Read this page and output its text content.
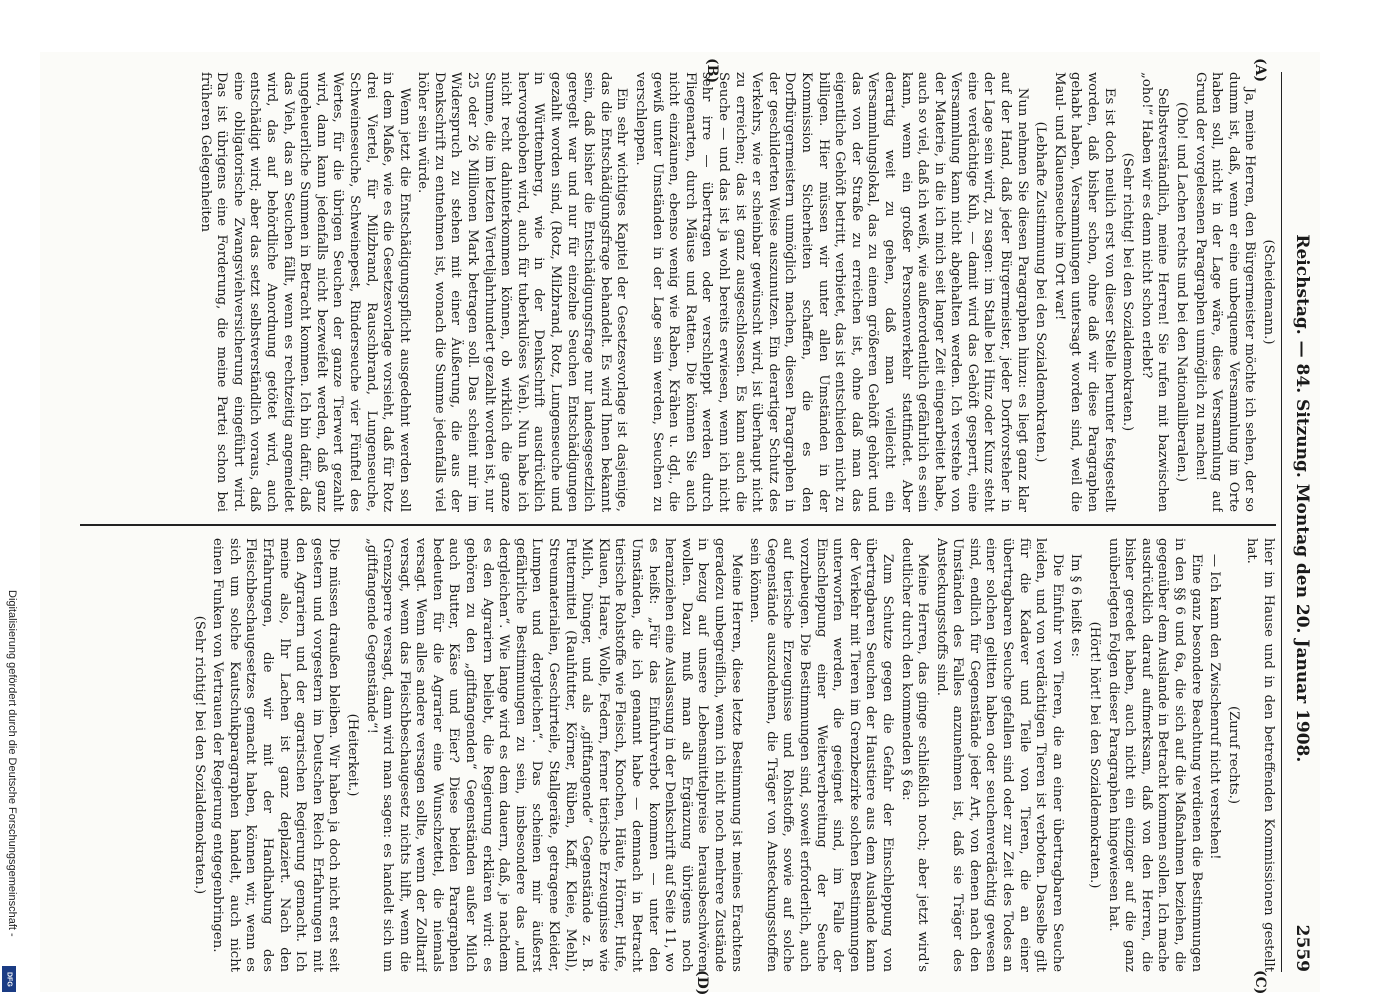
Reichstag. — 84. Sitzung. Montag den 20. Januar 1908.
2559
(A)
(B)
(C)
(D)

(Scheidemann.)

Ja, meine Herren, den Bürgermeister möchte ich sehen, der so dumm ist, daß, wenn er eine unbequeme Versammlung im Orte haben soll, nicht in der Lage wäre, diese Versammlung auf Grund der vorgelesenen Paragraphen unmöglich zu machen!

(Oho! und Lachen rechts und bei den Nationalliberalen.)

Selbstverständlich, meine Herren! Sie rufen mit bazwischen „oho!“ Haben wir es denn nicht schon erlebt?

(Sehr richtig! bei den Sozialdemokraten.)

Es ist doch neulich erst von dieser Stelle herunter festgestellt worden, daß bisher schon, ohne daß wir diese Paragraphen gehabt haben, Versammlungen untersagt worden sind, weil die Maul- und Klauenseuche im Ort war!

(Lebhafte Zustimmung bei den Sozialdemokraten.)

Nun nehmen Sie diesen Paragraphen hinzu: es liegt ganz klar auf der Hand, daß jeder Bürgermeister, jeder Dorfvorsteher in der Lage sein wird, zu sagen: im Stalle bei Hinz oder Kunz steht eine verdächtige Kuh, — damit wird das Gehöft gesperrt, eine Versammlung kann nicht abgehalten werden. Ich verstehe von der Materie, in die ich mich seit langer Zeit eingearbeitet habe, auch so viel, daß ich weiß, wie außerordentlich gefährlich es sein kann, wenn ein großer Personenverkehr stattfindet. Aber derartig weit zu gehen, daß man vielleicht ein Versammlungslokal, das zu einem größeren Gehöft gehört und das von der Straße zu erreichen ist, ohne daß man das eigentliche Gehöft betritt, verbietet, das ist entschieden nicht zu billigen. Hier müssen wir unter allen Umständen in der Kommission Sicherheiten schaffen, die es den Dorfbürgermeistern unmöglich machen, diesen Paragraphen in der geschilderten Weise auszunutzen. Ein derartiger Schutz des Verkehrs, wie er scheinbar gewünscht wird, ist überhaupt nicht zu erreichen; das ist ganz ausgeschlossen. Es kann auch die Seuche — und das ist ja wohl bereits erwiesen, wenn ich nicht sehr irre — übertragen oder verschleppt werden durch Fliegenarten, durch Mäuse und Ratten. Die können Sie auch nicht einzäunen, ebenso wenig wie Raben, Krähen u. dgl., die gewiß unter Umständen in der Lage sein werden, Seuchen zu verschleppen.

Ein sehr wichtiges Kapitel der Gesetzesvorlage ist dasjenige, das die Entschädigungsfrage behandelt. Es wird Ihnen bekannt sein, daß bisher die Entschädigungsfrage nur landesgesetzlich geregelt war und nur für einzelne Seuchen Entschädigungen gezahlt worden sind, (Rotz, Milzbrand, Rotz, Lungenseuche und in Württemberg, wie in der Denkschrift ausdrücklich hervorgehoben wird, auch für tuberkulöses Vieh). Nun habe ich nicht recht dahinterkommen können, ob wirklich die ganze Summe, die im letzten Vierteljahrhundert gezahlt worden ist, nur 25 oder 26 Millionen Mark betragen soll. Das scheint mir im Widerspruch zu stehen mit einer Äußerung, die aus der Denkschrift zu entnehmen ist, wonach die Summe jedenfalls viel höher sein würde.

Wenn jetzt die Entschädigungspflicht ausgedehnt werden soll in dem Maße, wie es die Gesetzesvorlage vorsieht, daß für Rotz drei Viertel, für Milzbrand, Rauschbrand, Lungenseuche, Schweineseuche, Schweinepest, Rinderseuche vier Fünftel des Wertes, für die übrigen Seuchen der ganze Tierwert gezahlt wird, dann kann jedenfalls nicht bezweifelt werden, daß ganz ungeheuerliche Summen in Betracht kommen. Ich bin dafür, daß das Vieh, das an Seuchen fällt, wenn es rechtzeitig angemeldet wird, das auf behördliche Anordnung getötet wird, auch entschädigt wird; aber das setzt selbstverständlich voraus, daß eine obligatorische Zwangsviehversicherung eingeführt wird. Das ist übrigens eine Forderung, die meine Partei schon bei früheren Gelegenheiten

hier im Hause und in den betreffenden Kommissionen gestellt hat.

(Zuruf rechts.)

— Ich kann den Zwischenruf nicht verstehen!

Eine ganz besondere Beachtung verdienen die Bestimmungen in den §§ 6 und 6a, die sich auf die Maßnahmen beziehen, die gegenüber dem Auslande in Betracht kommen sollen. Ich mache ausdrücklich darauf aufmerksam, daß von den Herren, die bisher geredet haben, auch nicht ein einziger auf die ganz unüberlegten Folgen dieser Paragraphen hingewiesen hat.

(Hört! hört! bei den Sozialdemokraten.)

Im § 6 heißt es:

Die Einfuhr von Tieren, die an einer übertragbaren Seuche leiden, und von verdächtigen Tieren ist verboten. Dasselbe gilt für die Kadaver und Teile von Tieren, die an einer übertragbaren Seuche gefallen sind oder zur Zeit des Todes an einer solchen gelitten haben oder seuchenverdächtig gewesen sind, endlich für Gegenstände jeder Art, von denen nach den Umständen des Falles anzunehmen ist, daß sie Träger des Ansteckungsstoffs sind.

Meine Herren, das ginge schließlich noch; aber jetzt wird's deutlicher durch den kommenden § 6a:

Zum Schutze gegen die Gefahr der Einschleppung von übertragbaren Seuchen der Haustiere aus dem Auslande kann der Verkehr mit Tieren im Grenzbezirke solchen Bestimmungen unterworfen werden, die geeignet sind, im Falle der Einschleppung einer Weiterverbreitung der Seuche vorzubeugen. Die Bestimmungen sind, soweit erforderlich, auch auf tierische Erzeugnisse und Rohstoffe, sowie auf solche Gegenstände auszudehnen, die Träger von Ansteckungsstoffen sein können.

Meine Herren, diese letzte Bestimmung ist meines Erachtens geradezu unbegreiflich, wenn ich nicht noch mehrere Zustände in bezug auf unsere Lebensmittelpreise herausbeschwören wollen. Dazu muß man als Ergänzung übrigens noch heranziehen eine Auslassung in der Denkschrift auf Seite 11, wo es heißt: „Für das Einfuhrverbot kommen — unter den Umständen, die ich genannt habe — demnach in Betracht tierische Rohstoffe wie Fleisch, Knochen, Häute, Hörner, Hufe, Klauen, Haare, Wolle, Federn, ferner tierische Erzeugnisse wie Milch, Dünger, und als „giftfangende“ Gegenstände z. B. Futtermittel (Rauhfutter, Körner, Rüben, Kaff, Kleie, Mehl), Streumaterialien, Geschirrteile, Stallgeräte, getragene Kleider, Lumpen und dergleichen“. Das scheinen mir äußerst gefährliche Bestimmungen zu sein, insbesondere das „und dergleichen“. Wie lange wird es dem dauern, daß, je nachdem es den Agrariern beliebt, die Regierung erklären wird: es gehören zu den „giftfangenden“ Gegenständen außer Milch auch Butter, Käse und Eier? Diese beiden Paragraphen bedeuten für die Agrarier eine Wunschzettel, die niemals versagt. Wenn alles andere versagen sollte, wenn der Zolltarif versagt, wenn das Fleischbeschaugesetz nichts hilft, wenn die Grenzsperre versagt, dann wird man sagen: es handelt sich um „giftfangende Gegenstände“!

(Heiterkeit.)

Die müssen draußen bleiben. Wir haben ja doch nicht erst seit gestern und vorgestern im Deutschen Reich Erfahrungen mit den Agrariern und der agrarischen Regierung gemacht. Ich meine also, Ihr Lachen ist ganz deplaziert. Nach den Erfahrungen, die wir mit der Handhabung des Fleischbeschaugesetzes gemacht haben, können wir, wenn es sich um solche Kautschukparagraphen handelt, auch nicht einen Funken von Vertrauen der Regierung entgegenbringen.

(Sehr richtig! bei den Sozialdemokraten.)

Digitalisierung gefördert durch die Deutsche Forschungsgemeinschaft -
DFG
